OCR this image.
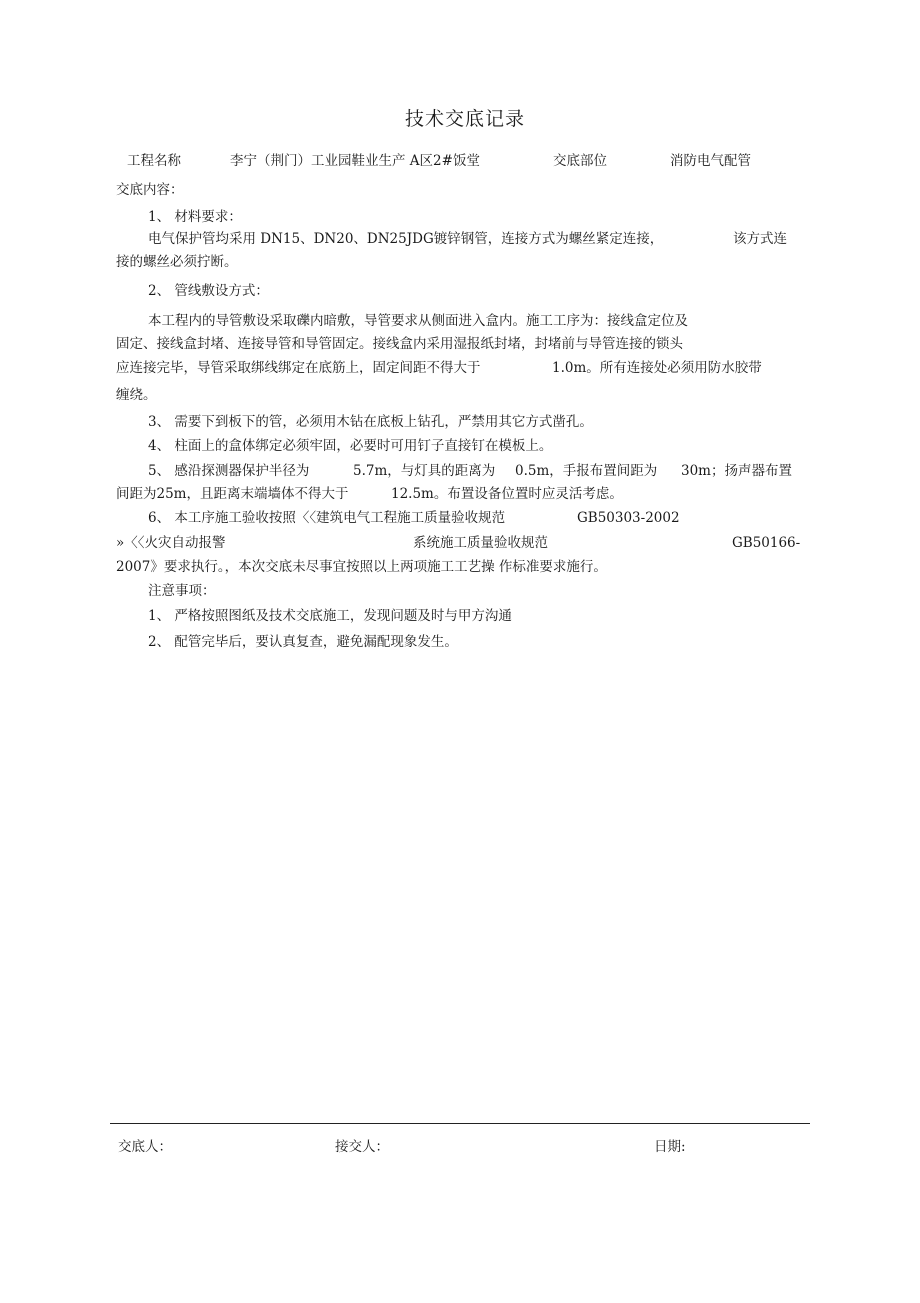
技术交底记录
工程名称	李宁（荆门）工业园鞋业生产 A区2#饭堂	交底部位	消防电气配管
交底内容：
1、 材料要求：
电气保护管均采用 DN15、DN20、DN25JDG镀锌钢管，连接方式为螺丝紧定连接，	该方式连
接的螺丝必须拧断。
2、 管线敷设方式：
本工程内的导管敷设采取礫内暗敷，导管要求从侧面进入盒内。施工工序为：接线盒定位及
固定、接线盒封堵、连接导管和导管固定。接线盒内采用湿报纸封堵，封堵前与导管连接的锁头
应连接完毕，导管采取绑线绑定在底筋上，固定间距不得大于	1.0m。所有连接处必须用防水胶带
缠绕。
3、 需要下到板下的管，必须用木钻在底板上钻孔，严禁用其它方式凿孔。
4、 柱面上的盒体绑定必须牢固，必要时可用钉子直接钉在模板上。
5、 感沿探测器保护半径为	5.7m，与灯具的距离为 0.5m，手报布置间距为 30m；扬声器布置
间距为25m，且距离末端墙体不得大于	12.5m。布置设备位置时应灵活考虑。
6、 本工序施工验收按照〈〈建筑电气工程施工质量验收规范	GB50303-2002
»〈〈火灾自动报警	系统施工质量验收规范	GB50166-
2007》要求执行。，本次交底未尽事宜按照以上两项施工工艺操 作标准要求施行。
注意事项：
1、 严格按照图纸及技术交底施工，发现问题及时与甲方沟通
2、 配管完毕后，要认真复查，避免漏配现象发生。
交底人：	接交人：	日期:
